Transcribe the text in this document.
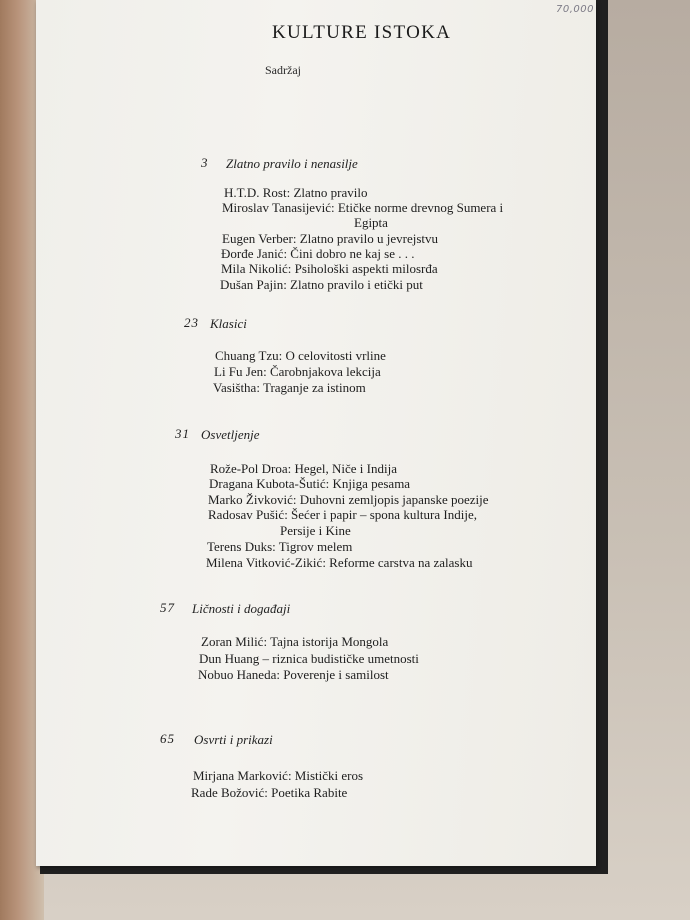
70,000
KULTURE ISTOKA
Sadržaj
3 Zlatno pravilo i nenasilje
H.T.D. Rost: Zlatno pravilo
Miroslav Tanasijević: Etičke norme drevnog Sumera i
Egipta
Eugen Verber: Zlatno pravilo u jevrejstvu
Đorđe Janić: Čini dobro ne kaj se . . .
Mila Nikolić: Psihološki aspekti milosrđa
Dušan Pajin: Zlatno pravilo i etički put
23 Klasici
Chuang Tzu: O celovitosti vrline
Li Fu Jen: Čarobnjakova lekcija
Vasištha: Traganje za istinom
31 Osvetljenje
Rože-Pol Droa: Hegel, Niče i Indija
Dragana Kubota-Šutić: Knjiga pesama
Marko Živković: Duhovni zemljopis japanske poezije
Radosav Pušić: Šećer i papir – spona kultura Indije,
Persije i Kine
Terens Duks: Tigrov melem
Milena Vitković-Zikić: Reforme carstva na zalasku
57 Ličnosti i događaji
Zoran Milić: Tajna istorija Mongola
Dun Huang – riznica budističke umetnosti
Nobuo Haneda: Poverenje i samilost
65 Osvrti i prikazi
Mirjana Marković: Mistički eros
Rade Božović: Poetika Rabite
